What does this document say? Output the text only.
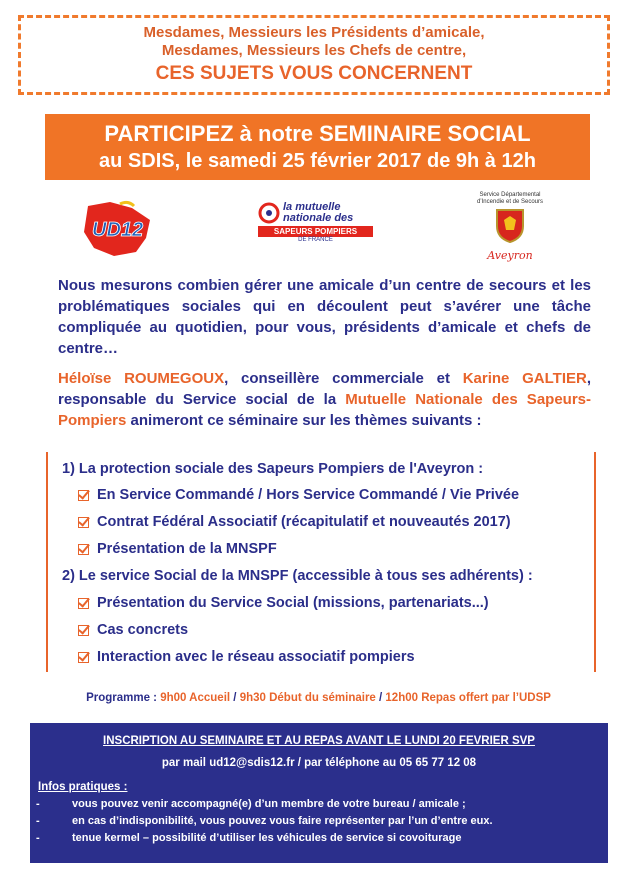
Mesdames, Messieurs les Présidents d’amicale,
Mesdames, Messieurs les Chefs de centre,
CES SUJETS VOUS CONCERNENT
PARTICIPEZ à notre SEMINAIRE SOCIAL
au SDIS, le samedi 25 février 2017 de 9h à 12h
UD12
la mutuelle
nationale des
SAPEURS POMPIERS
DE FRANCE
Service Départemental
d’Incendie et de Secours
Aveyron
Nous mesurons combien gérer une amicale d’un centre de secours et les problématiques sociales qui en découlent peut s’avérer une tâche compliquée au quotidien, pour vous, présidents d’amicale et chefs de centre…
Héloïse ROUMEGOUX, conseillère commerciale et Karine GALTIER, responsable du Service social de la Mutuelle Nationale des Sapeurs-Pompiers animeront ce séminaire sur les thèmes suivants :
1) La protection sociale des Sapeurs Pompiers de l'Aveyron :
En Service Commandé / Hors Service Commandé / Vie Privée
Contrat Fédéral Associatif (récapitulatif et nouveautés 2017)
Présentation de la MNSPF
2) Le service Social de la MNSPF (accessible à tous ses adhérents) :
Présentation du Service Social (missions, partenariats...)
Cas concrets
Interaction avec le réseau associatif pompiers
Programme : 9h00 Accueil / 9h30 Début du séminaire / 12h00 Repas offert par l’UDSP
INSCRIPTION AU SEMINAIRE ET AU REPAS AVANT LE LUNDI 20 FEVRIER SVP
par mail ud12@sdis12.fr / par téléphone au 05 65 77 12 08
Infos pratiques :
- vous pouvez venir accompagné(e) d’un membre de votre bureau / amicale ;
- en cas d’indisponibilité, vous pouvez vous faire représenter par l’un d’entre eux.
- tenue kermel – possibilité d’utiliser les véhicules de service si covoiturage
